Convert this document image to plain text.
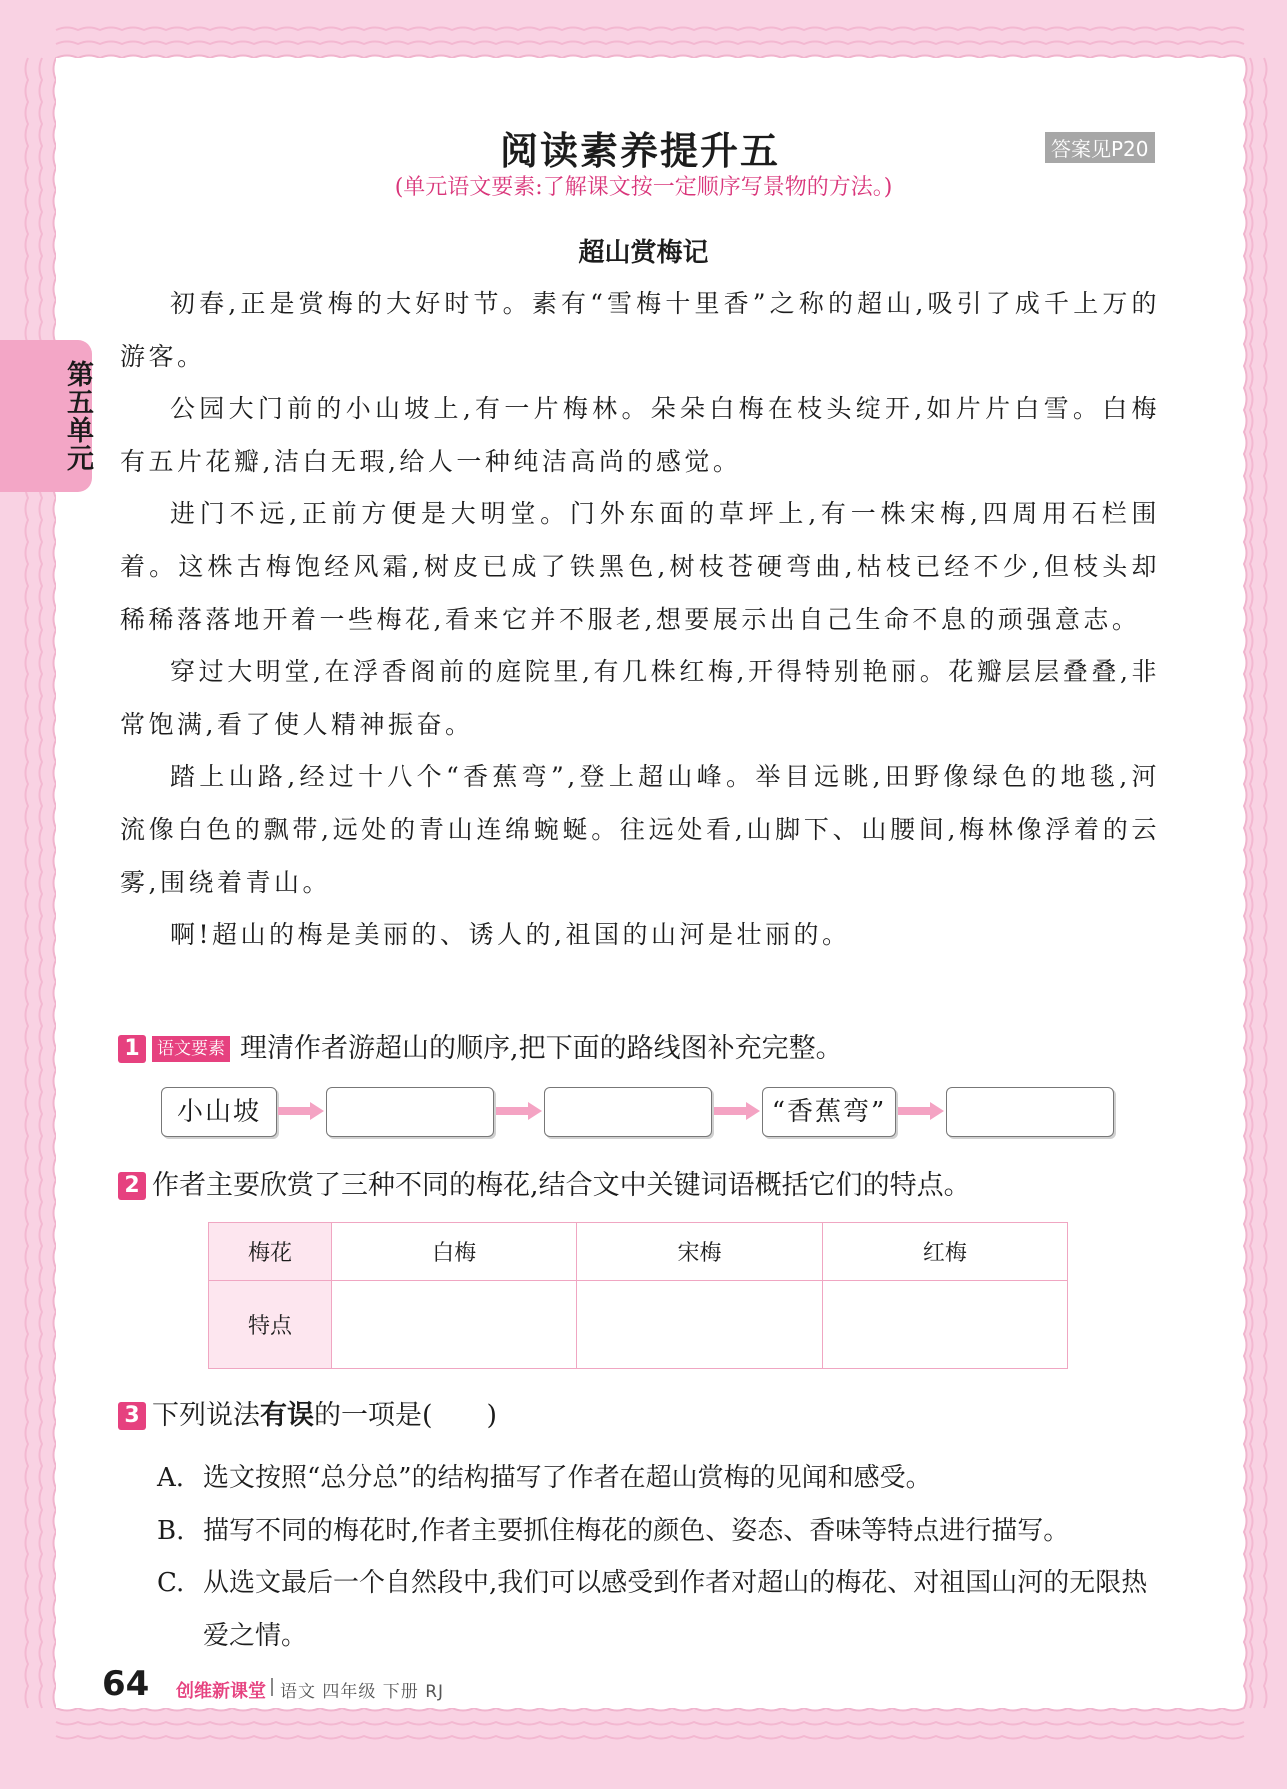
第五单元
阅读素养提升五	答案见P20
(单元语文要素:了解课文按一定顺序写景物的方法。)
超山赏梅记

初春,正是赏梅的大好时节。素有“雪梅十里香”之称的超山,吸引了成千上万的游客。

公园大门前的小山坡上,有一片梅林。朵朵白梅在枝头绽开,如片片白雪。白梅有五片花瓣,洁白无瑕,给人一种纯洁高尚的感觉。

进门不远,正前方便是大明堂。门外东面的草坪上,有一株宋梅,四周用石栏围着。这株古梅饱经风霜,树皮已成了铁黑色,树枝苍硬弯曲,枯枝已经不少,但枝头却稀稀落落地开着一些梅花,看来它并不服老,想要展示出自己生命不息的顽强意志。

穿过大明堂,在浮香阁前的庭院里,有几株红梅,开得特别艳丽。花瓣层层叠叠,非常饱满,看了使人精神振奋。

踏上山路,经过十八个“香蕉弯”,登上超山峰。举目远眺,田野像绿色的地毯,河流像白色的飘带,远处的青山连绵蜿蜒。往远处看,山脚下、山腰间,梅林像浮着的云雾,围绕着青山。

啊!超山的梅是美丽的、诱人的,祖国的山河是壮丽的。

1	语文要素 理清作者游超山的顺序,把下面的路线图补充完整。
小山坡	“香蕉弯”
2 作者主要欣赏了三种不同的梅花,结合文中关键词语概括它们的特点。
梅花	白梅	宋梅	红梅
特点			
3 下列说法 有误 的一项是(　　)
A. 选文按照“总分总”的结构描写了作者在超山赏梅的见闻和感受。
B. 描写不同的梅花时,作者主要抓住梅花的颜色、姿态、香味等特点进行描写。
C. 从选文最后一个自然段中,我们可以感受到作者对超山的梅花、对祖国山河的无限热爱之情。
64 创维新课堂 语文 四年级 下册 RJ
